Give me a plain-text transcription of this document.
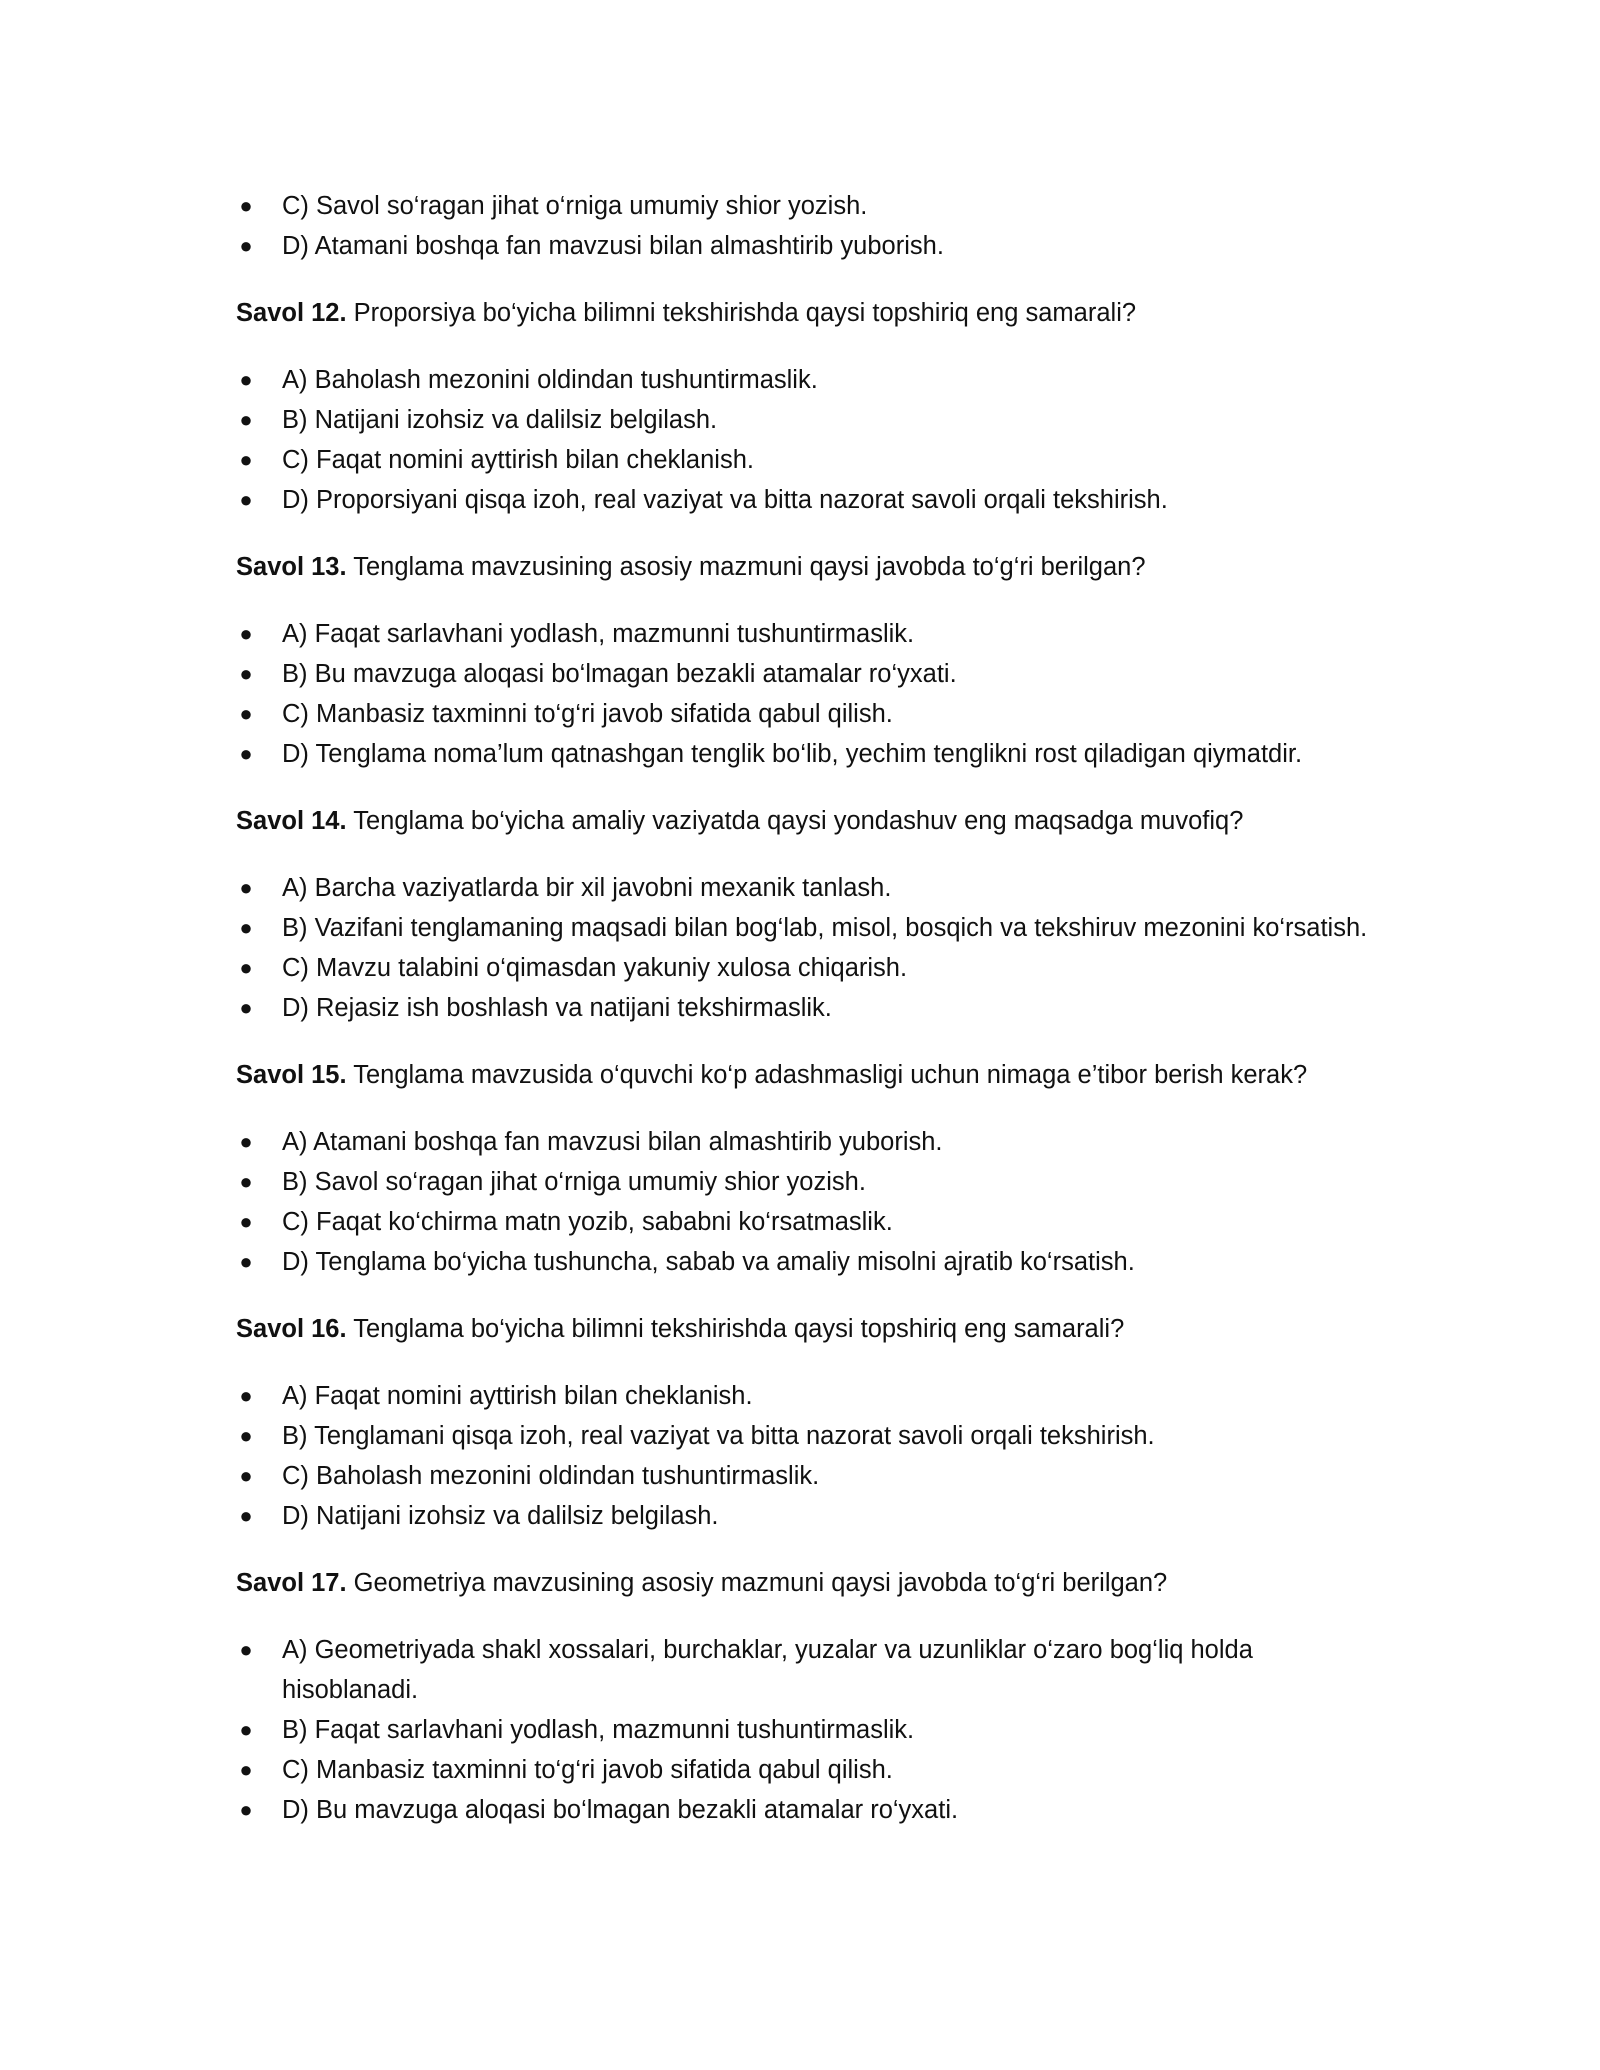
● C) Savol so‘ragan jihat o‘rniga umumiy shior yozish.
● D) Atamani boshqa fan mavzusi bilan almashtirib yuborish.

Savol 12. Proporsiya bo‘yicha bilimni tekshirishda qaysi topshiriq eng samarali?

● A) Baholash mezonini oldindan tushuntirmaslik.
● B) Natijani izohsiz va dalilsiz belgilash.
● C) Faqat nomini ayttirish bilan cheklanish.
● D) Proporsiyani qisqa izoh, real vaziyat va bitta nazorat savoli orqali tekshirish.

Savol 13. Tenglama mavzusining asosiy mazmuni qaysi javobda to‘g‘ri berilgan?

● A) Faqat sarlavhani yodlash, mazmunni tushuntirmaslik.
● B) Bu mavzuga aloqasi bo‘lmagan bezakli atamalar ro‘yxati.
● C) Manbasiz taxminni to‘g‘ri javob sifatida qabul qilish.
● D) Tenglama noma’lum qatnashgan tenglik bo‘lib, yechim tenglikni rost qiladigan qiymatdir.

Savol 14. Tenglama bo‘yicha amaliy vaziyatda qaysi yondashuv eng maqsadga muvofiq?

● A) Barcha vaziyatlarda bir xil javobni mexanik tanlash.
● B) Vazifani tenglamaning maqsadi bilan bog‘lab, misol, bosqich va tekshiruv mezonini ko‘rsatish.
● C) Mavzu talabini o‘qimasdan yakuniy xulosa chiqarish.
● D) Rejasiz ish boshlash va natijani tekshirmaslik.

Savol 15. Tenglama mavzusida o‘quvchi ko‘p adashmasligi uchun nimaga e’tibor berish kerak?

● A) Atamani boshqa fan mavzusi bilan almashtirib yuborish.
● B) Savol so‘ragan jihat o‘rniga umumiy shior yozish.
● C) Faqat ko‘chirma matn yozib, sababni ko‘rsatmaslik.
● D) Tenglama bo‘yicha tushuncha, sabab va amaliy misolni ajratib ko‘rsatish.

Savol 16. Tenglama bo‘yicha bilimni tekshirishda qaysi topshiriq eng samarali?

● A) Faqat nomini ayttirish bilan cheklanish.
● B) Tenglamani qisqa izoh, real vaziyat va bitta nazorat savoli orqali tekshirish.
● C) Baholash mezonini oldindan tushuntirmaslik.
● D) Natijani izohsiz va dalilsiz belgilash.

Savol 17. Geometriya mavzusining asosiy mazmuni qaysi javobda to‘g‘ri berilgan?

● A) Geometriyada shakl xossalari, burchaklar, yuzalar va uzunliklar o‘zaro bog‘liq holda hisoblanadi.
● B) Faqat sarlavhani yodlash, mazmunni tushuntirmaslik.
● C) Manbasiz taxminni to‘g‘ri javob sifatida qabul qilish.
● D) Bu mavzuga aloqasi bo‘lmagan bezakli atamalar ro‘yxati.
